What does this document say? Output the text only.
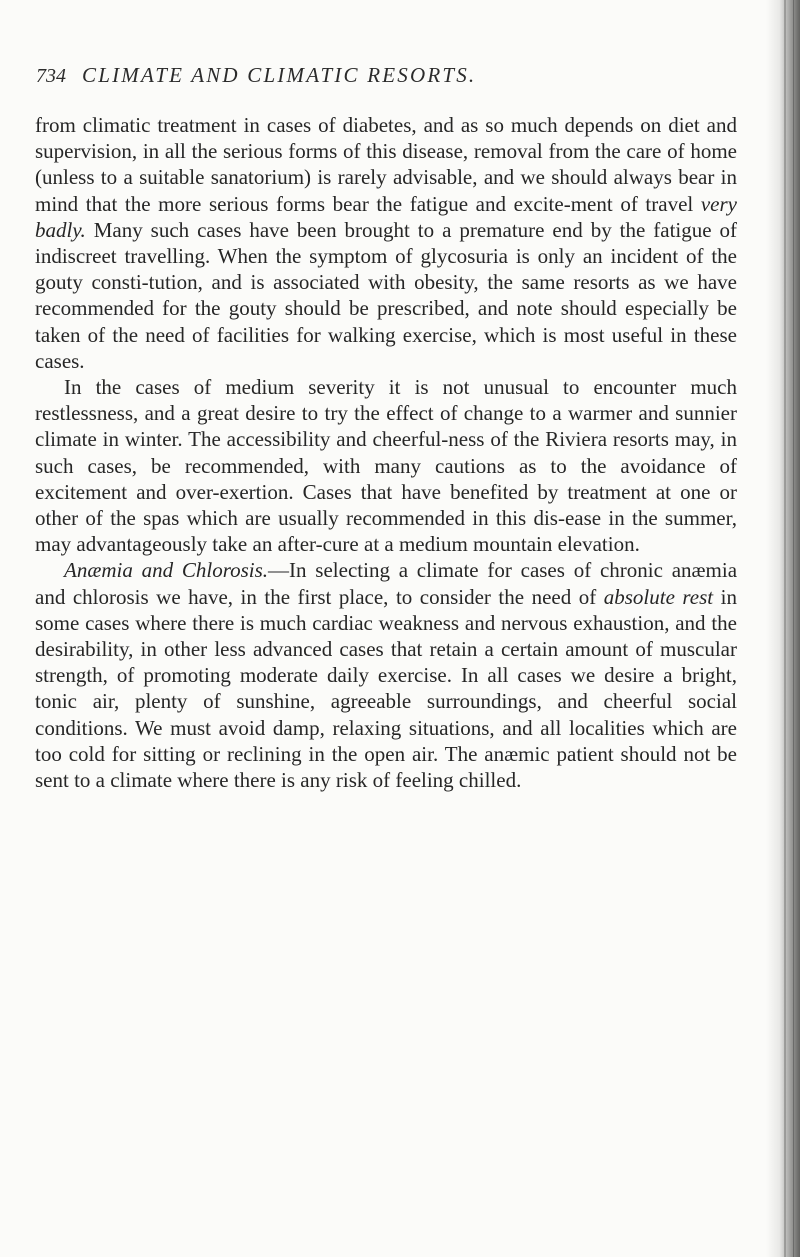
734 CLIMATE AND CLIMATIC RESORTS.

from climatic treatment in cases of diabetes, and as so much depends on diet and supervision, in all the serious forms of this disease, removal from the care of home (unless to a suitable sanatorium) is rarely advisable, and we should always bear in mind that the more serious forms bear the fatigue and excite-ment of travel very badly. Many such cases have been brought to a premature end by the fatigue of indiscreet travelling. When the symptom of glycosuria is only an incident of the gouty consti-tution, and is associated with obesity, the same resorts as we have recommended for the gouty should be prescribed, and note should especially be taken of the need of facilities for walking exercise, which is most useful in these cases.

In the cases of medium severity it is not unusual to encounter much restlessness, and a great desire to try the effect of change to a warmer and sunnier climate in winter. The accessibility and cheerful-ness of the Riviera resorts may, in such cases, be recommended, with many cautions as to the avoidance of excitement and over-exertion. Cases that have benefited by treatment at one or other of the spas which are usually recommended in this dis-ease in the summer, may advantageously take an after-cure at a medium mountain elevation.

Anæmia and Chlorosis.—In selecting a climate for cases of chronic anæmia and chlorosis we have, in the first place, to consider the need of absolute rest in some cases where there is much cardiac weakness and nervous exhaustion, and the desirability, in other less advanced cases that retain a certain amount of muscular strength, of promoting moderate daily exercise. In all cases we desire a bright, tonic air, plenty of sunshine, agreeable surroundings, and cheerful social conditions. We must avoid damp, relaxing situations, and all localities which are too cold for sitting or reclining in the open air. The anæmic patient should not be sent to a climate where there is any risk of feeling chilled.
